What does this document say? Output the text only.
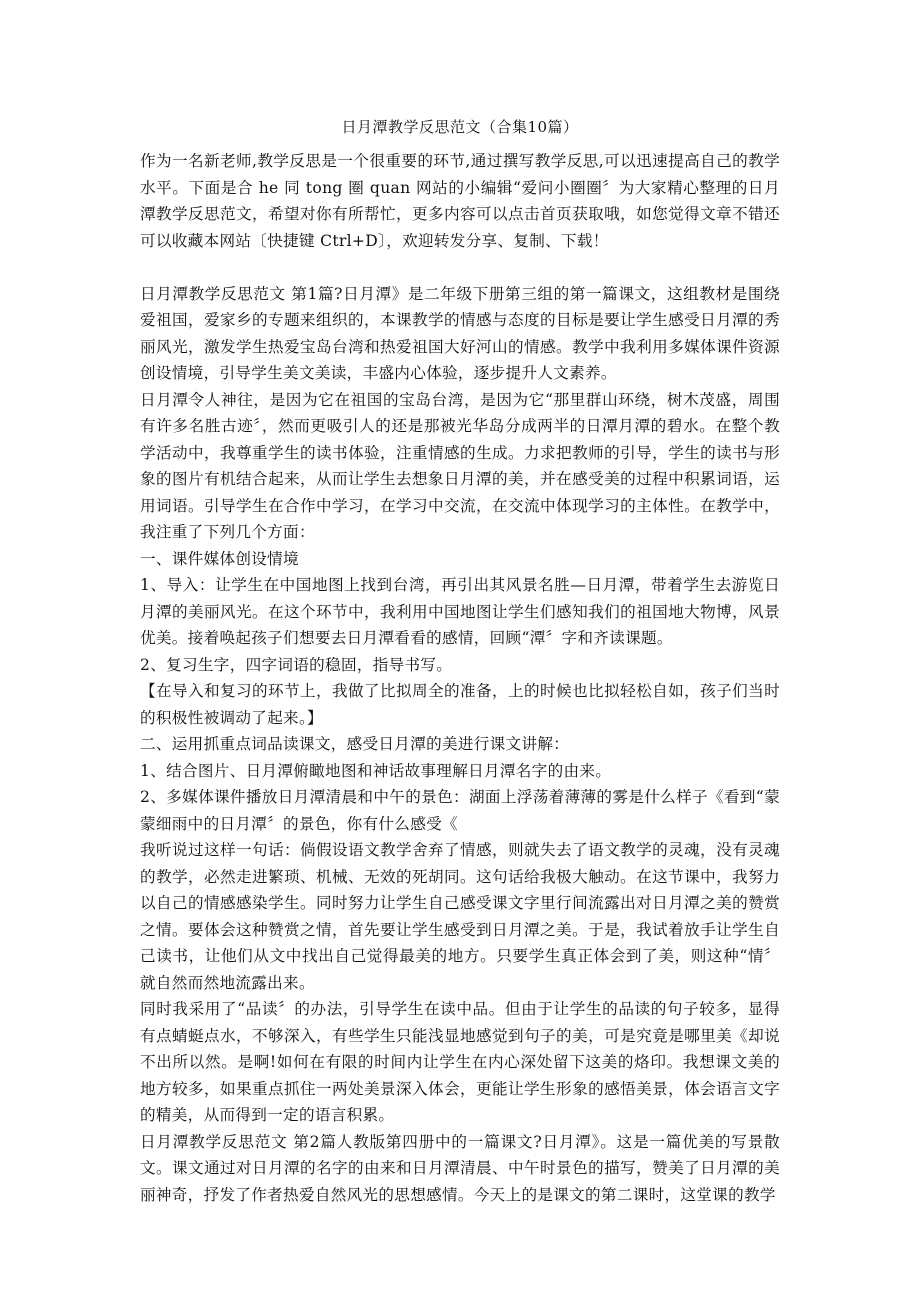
日月潭教学反思范文（合集10篇）

作为一名新老师,教学反思是一个很重要的环节,通过撰写教学反思,可以迅速提高自己的教学水平。下面是合 he 同 tong 圈 quan 网站的小编辑“爱问小圈圈〞为大家精心整理的日月潭教学反思范文，希望对你有所帮忙，更多内容可以点击首页获取哦，如您觉得文章不错还可以收藏本网站〔快捷键 Ctrl+D〕，欢迎转发分享、复制、下载！

日月潭教学反思范文 第1篇?日月潭》是二年级下册第三组的第一篇课文，这组教材是围绕爱祖国，爱家乡的专题来组织的，本课教学的情感与态度的目标是要让学生感受日月潭的秀丽风光，激发学生热爱宝岛台湾和热爱祖国大好河山的情感。教学中我利用多媒体课件资源创设情境，引导学生美文美读，丰盛内心体验，逐步提升人文素养。

日月潭令人神往，是因为它在祖国的宝岛台湾，是因为它“那里群山环绕，树木茂盛，周围有许多名胜古迹〞，然而更吸引人的还是那被光华岛分成两半的日潭月潭的碧水。在整个教学活动中，我尊重学生的读书体验，注重情感的生成。力求把教师的引导，学生的读书与形象的图片有机结合起来，从而让学生去想象日月潭的美，并在感受美的过程中积累词语，运用词语。引导学生在合作中学习，在学习中交流，在交流中体现学习的主体性。在教学中，我注重了下列几个方面：

一、课件媒体创设情境

1、导入：让学生在中国地图上找到台湾，再引出其风景名胜—日月潭，带着学生去游览日月潭的美丽风光。在这个环节中，我利用中国地图让学生们感知我们的祖国地大物博，风景优美。接着唤起孩子们想要去日月潭看看的感情，回顾“潭〞字和齐读课题。

2、复习生字，四字词语的稳固，指导书写。

【在导入和复习的环节上，我做了比拟周全的准备，上的时候也比拟轻松自如，孩子们当时的积极性被调动了起来。】

二、运用抓重点词品读课文，感受日月潭的美进行课文讲解：

1、结合图片、日月潭俯瞰地图和神话故事理解日月潭名字的由来。

2、多媒体课件播放日月潭清晨和中午的景色：湖面上浮荡着薄薄的雾是什么样子《看到“蒙蒙细雨中的日月潭〞的景色，你有什么感受《

我听说过这样一句话：倘假设语文教学舍弃了情感，则就失去了语文教学的灵魂，没有灵魂的教学，必然走进繁琐、机械、无效的死胡同。这句话给我极大触动。在这节课中，我努力以自己的情感感染学生。同时努力让学生自己感受课文字里行间流露出对日月潭之美的赞赏之情。要体会这种赞赏之情，首先要让学生感受到日月潭之美。于是，我试着放手让学生自己读书，让他们从文中找出自己觉得最美的地方。只要学生真正体会到了美，则这种“情〞就自然而然地流露出来。

同时我采用了“品读〞的办法，引导学生在读中品。但由于让学生的品读的句子较多，显得有点蜻蜓点水，不够深入，有些学生只能浅显地感觉到句子的美，可是究竟是哪里美《却说不出所以然。是啊!如何在有限的时间内让学生在内心深处留下这美的烙印。我想课文美的地方较多，如果重点抓住一两处美景深入体会，更能让学生形象的感悟美景，体会语言文字的精美，从而得到一定的语言积累。

日月潭教学反思范文 第2篇人教版第四册中的一篇课文?日月潭》。这是一篇优美的写景散文。课文通过对日月潭的名字的由来和日月潭清晨、中午时景色的描写，赞美了日月潭的美丽神奇，抒发了作者热爱自然风光的思想感情。今天上的是课文的第二课时，这堂课的教学
